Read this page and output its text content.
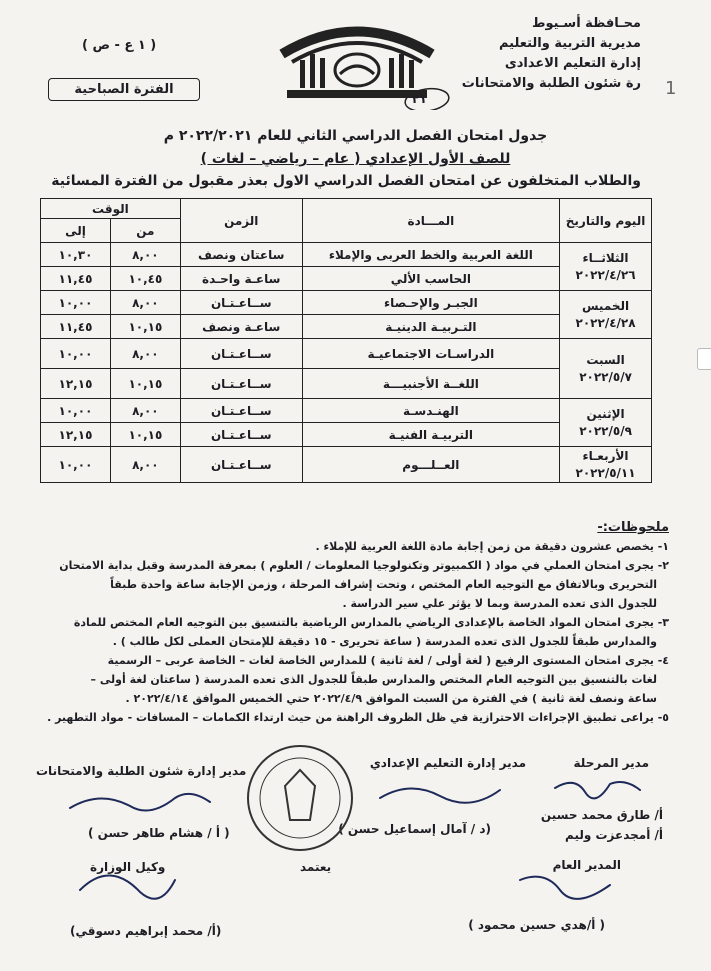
1
محـافظة أسـيوط
مديرية التربية والتعليم
إدارة التعليم الاعدادى
رة شئون الطلبة والامتحانات
٢١
( ١ ع - ص )
الفترة الصباحية
جدول امتحان الفصل الدراسي الثاني للعام ٢٠٢٢/٢٠٢١ م
للصف الأول الإعدادي ( عام – رياضي – لغات )
والطلاب المتخلفون عن امتحان الفصل الدراسي الاول بعذر مقبول من الفترة المسائية
اليوم والتاريخ	المـــادة	الزمن	الوقت	
			من	إلى

الثلاثــاء
٢٠٢٢/٤/٢٦	اللغة العربية والخط العربى والإملاء	ساعتان ونصف	٨,٠٠	١٠,٣٠
	الحاسب الألي	ساعـة واحـدة	١٠,٤٥	١١,٤٥

الخميس
٢٠٢٢/٤/٢٨	الجبـر والإحـصاء	ســاعـتـان	٨,٠٠	١٠,٠٠
	التـربيـة الدينيـة	ساعـة ونصف	١٠,١٥	١١,٤٥

السبت
٢٠٢٢/٥/٧	الدراسـات الاجتماعيـة	ســاعـتـان	٨,٠٠	١٠,٠٠
	اللغــة الأجنبيـــة	ســاعـتـان	١٠,١٥	١٢,١٥

الإثنين
٢٠٢٢/٥/٩	الهنـدسـة	ســاعـتـان	٨,٠٠	١٠,٠٠
	التربيـة الفنيـة	ســاعـتـان	١٠,١٥	١٢,١٥

الأربعـاء
٢٠٢٢/٥/١١	العــلـــوم	ســاعـتـان	٨,٠٠	١٠,٠٠
ملحوظات:-
١- يخصص عشرون دقيقة من زمن إجابة مادة اللغة العربية للإملاء .
٢- يجرى امتحان العملي في مواد ( الكمبيوتر وتكنولوجيا المعلومات / العلوم ) بمعرفة المدرسة وقبل بداية الامتحان
التحريرى وبالاتفاق مع التوجيه العام المختص ، وتحت إشراف المرحلة ، وزمن الإجابة ساعة واحدة طبقاً
للجدول الذى تعده المدرسة وبما لا يؤثر علي سير الدراسة .
٣- يجرى امتحان المواد الخاصة بالإعدادى الرياضي بالمدارس الرياضية بالتنسيق بين التوجيه العام المختص للمادة
والمدارس طبقاً للجدول الذى تعده المدرسة ( ساعة تحريرى - ١٥ دقيقة للإمتحان العملى لكل طالب ) .
٤- يجرى امتحان المستوى الرفيع ( لغة أولى / لغة ثانية ) للمدارس الخاصة لغات – الخاصة عربى – الرسمية
لغات بالتنسيق بين التوجيه العام المختص والمدارس طبقاً للجدول الذى تعده المدرسة ( ساعتان لغة أولى –
ساعة ونصف لغة ثانية ) في الفترة من السبت الموافق ٢٠٢٢/٤/٩ حتي الخميس الموافق ٢٠٢٢/٤/١٤ .
٥- يراعى تطبيق الإجراءات الاحترازية في ظل الظروف الراهنة من حيث ارتداء الكمامات – المسافات - مواد التطهير .
مدير المرحلة
أ/ طارق محمد حسين
أ/ أمجدعزت وليم
مدير إدارة التعليم الإعدادي
(د / آمال إسماعيل حسن )
مدير إدارة شئون الطلبة والامتحانات
( أ / هشام طاهر حسن )
المدير العام
( أ/هدي حسين محمود )
يعتمد
وكيل الوزارة
(أ/ محمد إبراهيم دسوقي)
